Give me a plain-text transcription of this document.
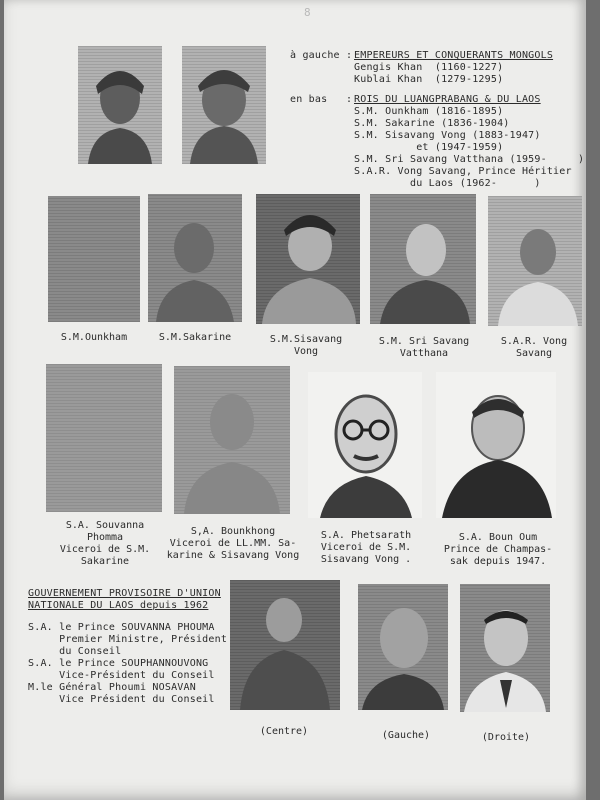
8
à gauche : EMPEREURS ET CONQUERANTS MONGOLS
Gengis Khan  (1160-1227)
Kublai Khan  (1279-1295)
en bas   : ROIS DU LUANGPRABANG & DU LAOS
S.M. Ounkham (1816-1895)
S.M. Sakarine (1836-1904)
S.M. Sisavang Vong (1883-1947)
et (1947-1959)
S.M. Sri Savang Vatthana (1959-     )
S.A.R. Vong Savang, Prince Héritier
du Laos (1962-      )
S.M.Ounkham	S.M.Sakarine	S.M.Sisavang
Vong
S.M. Sri Savang
Vatthana
S.A.R. Vong
Savang
S.A. Souvanna
Phomma
Viceroi de S.M.
Sakarine
S,A. Bounkhong
Viceroi de LL.MM. Sa-
karine & Sisavang Vong
S.A. Phetsarath
Viceroi de S.M.
Sisavang Vong .
S.A. Boun Oum
Prince de Champas-
sak depuis 1947.
GOUVERNEMENT PROVISOIRE D'UNION
NATIONALE DU LAOS depuis 1962
S.A. le Prince SOUVANNA PHOUMA
Premier Ministre, Président
du Conseil
S.A. le Prince SOUPHANNOUVONG
Vice-Président du Conseil
M.le Général Phoumi NOSAVAN
Vice Président du Conseil
(Centre)	(Gauche)	(Droite)
